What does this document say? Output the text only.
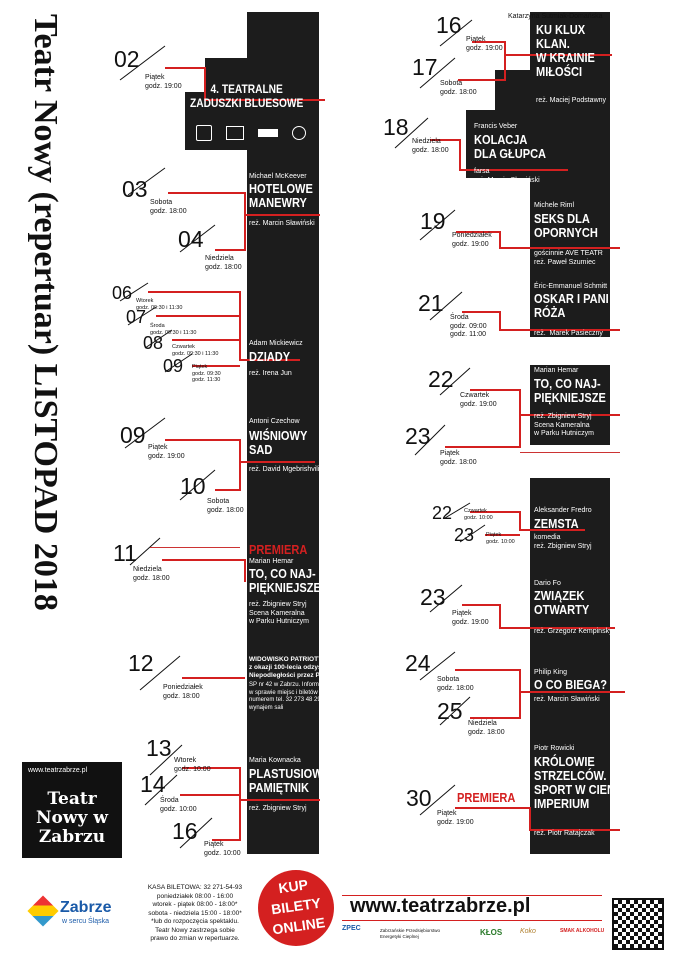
Teatr Nowy (repertuar) LISTOPAD 2018 02
Piątek
godz. 19:00	4. TEATRALNE
ZADUSZKI BLUESOWE
03
Sobota
godz. 18:00
Michael McKeever
HOTELOWE
MANEWRY
reż. Marcin Sławiński
04
Niedziela
godz. 18:00
06 Wtorek
godz. 09:30 i 11:30
07 Środa
godz. 09:30 i 11:30
08 Czwartek
godz. 09:30 i 11:30
09 Piątek
godz. 09:30
godz. 11:30
Adam Mickiewicz
DZIADY
reż. Irena Jun
09 Piątek
godz. 19:00
Antoni Czechow
WIŚNIOWY
SAD
reż. David Mgebrishvili
10
Sobota
godz. 18:00
11
Niedziela
godz. 18:00
PREMIERA
Marian Hemar
TO, CO NAJ-
PIĘKNIEJSZE
reż. Zbigniew Stryj
Scena Kameralna
w Parku Hutniczym
12
Poniedziałek
godz. 18:00
WIDOWISKO PATRIOTYCZNE
z okazji 100-lecia odzyskania
Niepodległości przez Polskę
SP nr 42 w Zabrzu. Informacje
w sprawie miejsc i biletów pod
numerem tel. 32 273 48 29
wynajem sali
13 Wtorek
godz. 10:00
Maria Kownacka
PLASTUSIOWY
PAMIĘTNIK
reż. Zbigniew Stryj
14
Środa
godz. 10:00
16
Piątek
godz. 10:00
16
Piątek
godz. 19:00
Katarzyna Sutmiak-Domańska
KU KLUX
KLAN.
W KRAINIE
MIŁOŚCI
reż. Maciej Podstawny
17
Sobota
godz. 18:00
18
Niedziela
godz. 18:00
Francis Veber
KOLACJA
DLA GŁUPCA
farsa
reż. Marcin Sławiński
19
Poniedziałek
godz. 19:00
Michele Riml
SEKS DLA
OPORNYCH
gościnnie AVE TEATR
reż. Paweł Szumiec
21
Środa
godz. 09:00
godz. 11:00
Éric-Emmanuel Schmitt
OSKAR I PANI
RÓŻA
reż.  Marek Pasieczny
22
Czwartek
godz. 19:00
Marian Hemar
TO, CO NAJ-
PIĘKNIEJSZE
reż. Zbigniew Stryj
Scena Kameralna
w Parku Hutniczym
23
Piątek
godz. 18:00
22 Czwartek
godz. 10:00
23 Piątek
godz. 10:00
Aleksander Fredro
ZEMSTA
komedia
reż. Zbigniew Stryj
23
Piątek
godz. 19:00
Dario Fo
ZWIĄZEK
OTWARTY
reż. Grzegorz Kempinsky
24
Sobota
godz. 18:00
Philip King
O CO BIEGA?
reż. Marcin Sławiński
25 Niedziela
godz. 18:00
30
Piątek
godz. 19:00
PREMIERA
Piotr Rowicki
KRÓLOWIE
STRZELCÓW.
SPORT W CIENIU
IMPERIUM
reż. Piotr Ratajczak
www.teatrzabrze.pl
Teatr Nowy w Zabrzu
Zabrze
w sercu Śląska
KASA BILETOWA: 32 271-54-93
poniedziałek 08:00 - 16:00
wtorek - piątek 08:00 - 18:00*
sobota - niedziela 15:00 - 18:00*
*lub do rozpoczęcia spektaklu.
Teatr Nowy zastrzega sobie
prawo do zmian w repertuarze.
KUP
BILETY
ONLINE
www.teatrzabrze.pl
ZPEC	Zabrzańskie Przedsiębiorstwo Energetyki Cieplnej	KŁOS	Koko	SMAK ALKOHOLU
